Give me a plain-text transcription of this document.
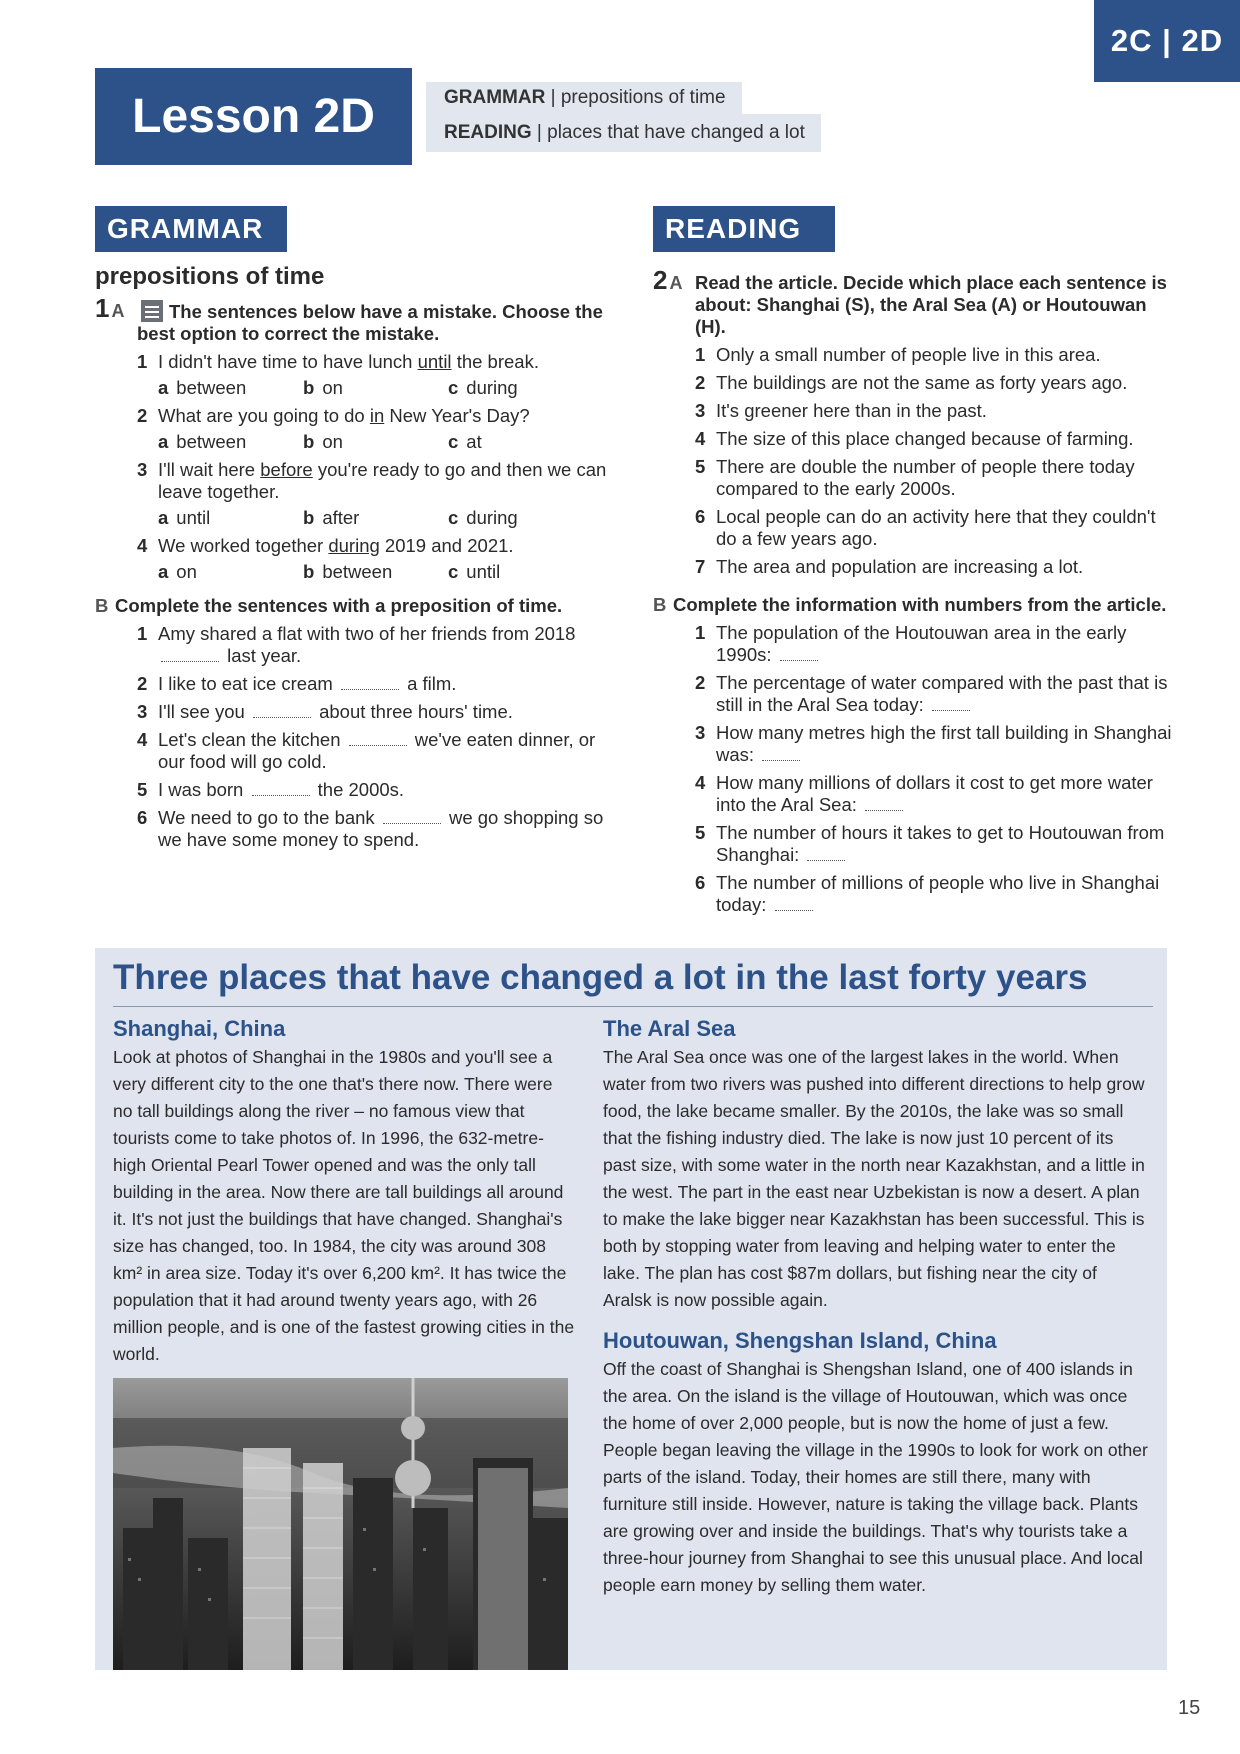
2C | 2D
Lesson 2D	GRAMMAR | prepositions of time
READING | places that have changed a lot
GRAMMAR	READING
prepositions of time
1 A The sentences below have a mistake. Choose the best option to correct the mistake.
1 I didn't have time to have lunch until the break.
a between	b on	c during
2 What are you going to do in New Year's Day?
a between	b on	c at
3 I'll wait here before you're ready to go and then we can leave together.
a until	b after	c during
4 We worked together during 2019 and 2021.
a on	b between	c until
B Complete the sentences with a preposition of time.
1 Amy shared a flat with two of her friends from 2018  last year.
2 I like to eat ice cream	a film.
3 I'll see you	about three hours' time.
4 Let's clean the kitchen	we've eaten dinner, or our food will go cold.
5 I was born	the 2000s.
6 We need to go to the bank	we go shopping so we have some money to spend.
2 A Read the article. Decide which place each sentence is about: Shanghai (S), the Aral Sea (A) or Houtouwan (H).
1 Only a small number of people live in this area.
2 The buildings are not the same as forty years ago.
3 It's greener here than in the past.
4 The size of this place changed because of farming.
5 There are double the number of people there today compared to the early 2000s.
6 Local people can do an activity here that they couldn't do a few years ago.
7 The area and population are increasing a lot.
B Complete the information with numbers from the article.
1 The population of the Houtouwan area in the early 1990s:
2 The percentage of water compared with the past that is still in the Aral Sea today:
3 How many metres high the first tall building in Shanghai was:
4 How many millions of dollars it cost to get more water into the Aral Sea:
5 The number of hours it takes to get to Houtouwan from Shanghai:
6 The number of millions of people who live in Shanghai today:
Three places that have changed a lot in the last forty years
Shanghai, China

Look at photos of Shanghai in the 1980s and you'll see a very different city to the one that's there now. There were no tall buildings along the river – no famous view that tourists come to take photos of. In 1996, the 632-metre-high Oriental Pearl Tower opened and was the only tall building in the area. Now there are tall buildings all around it. It's not just the buildings that have changed. Shanghai's size has changed, too. In 1984, the city was around 308 km² in area size. Today it's over 6,200 km². It has twice the population that it had around twenty years ago, with 26 million people, and is one of the fastest growing cities in the world.

The Aral Sea

The Aral Sea once was one of the largest lakes in the world. When water from two rivers was pushed into different directions to help grow food, the lake became smaller. By the 2010s, the lake was so small that the fishing industry died. The lake is now just 10 percent of its past size, with some water in the north near Kazakhstan, and a little in the west. The part in the east near Uzbekistan is now a desert. A plan to make the lake bigger near Kazakhstan has been successful. This is both by stopping water from leaving and helping water to enter the lake. The plan has cost $87m dollars, but fishing near the city of Aralsk is now possible again.

Houtouwan, Shengshan Island, China

Off the coast of Shanghai is Shengshan Island, one of 400 islands in the area. On the island is the village of Houtouwan, which was once the home of over 2,000 people, but is now the home of just a few. People began leaving the village in the 1990s to look for work on other parts of the island. Today, their homes are still there, many with furniture still inside. However, nature is taking the village back. Plants are growing over and inside the buildings. That's why tourists take a three-hour journey from Shanghai to see this unusual place. And local people earn money by selling them water.

15
